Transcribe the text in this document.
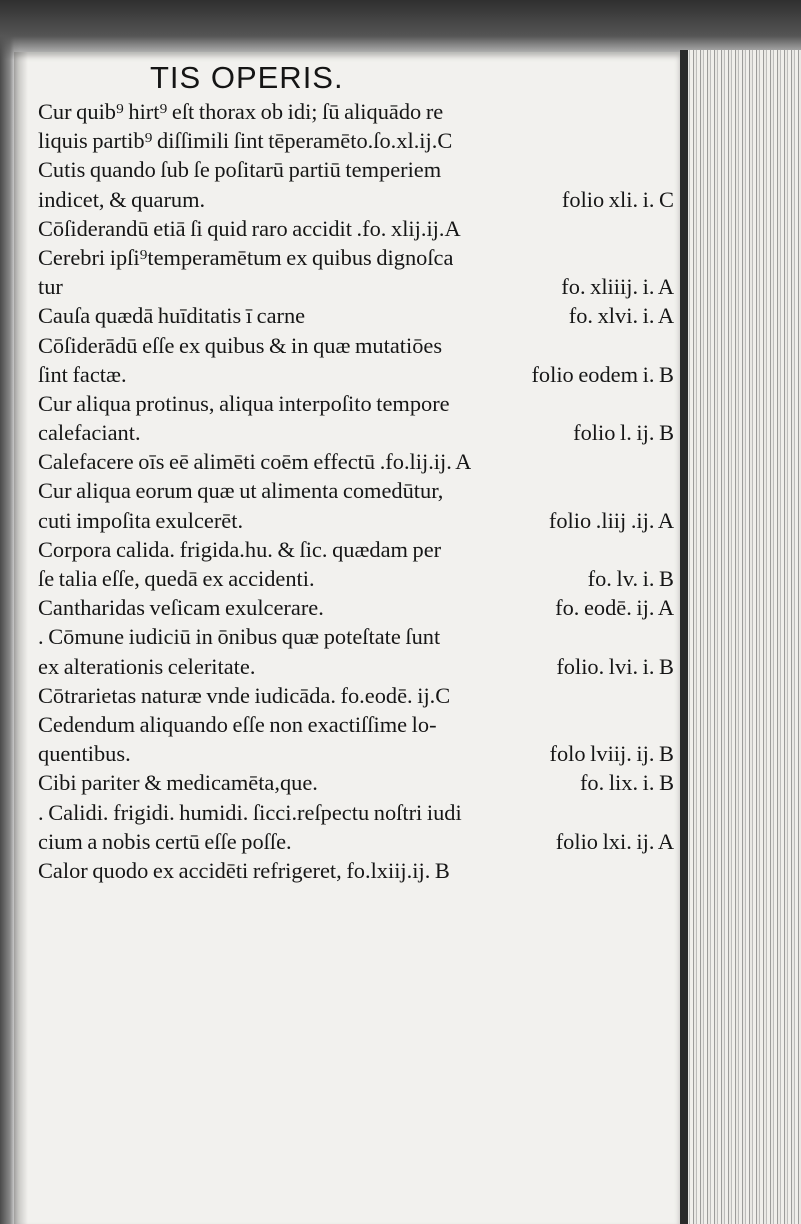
TIS OPERIS.
Cur quib⁹ hirt⁹ eſt thorax ob idi; ſū aliquādo re
liquis partib⁹ diſſimili ſint tēperamēto.ſo.xl.ij.C
Cutis quando ſub ſe poſitarū partiū temperiem
indicet, & quarum.	folio xli. i. C
Cōſiderandū etiā ſi quid raro accidit .fo. xlij.ij.A
Cerebri ipſi⁹temperamētum ex quibus dignoſca
tur	fo. xliiij. i. A
Cauſa quædā huīditatis ī carne	fo. xlvi. i. A
Cōſiderādū eſſe ex quibus & in quæ mutatiōes
ſint factæ.	folio eodem i. B
Cur aliqua protinus, aliqua interpoſito tempore
calefaciant.	folio l. ij. B
Calefacere oīs eē alimēti coēm effectū .fo.lij.ij. A
Cur aliqua eorum quæ ut alimenta comedūtur,
cuti impoſita exulcerēt.	folio .liij .ij. A
Corpora calida. frigida.hu. & ſic. quædam per
ſe talia eſſe, quedā ex accidenti.	fo. lv. i. B
Cantharidas veſicam exulcerare.	fo. eodē. ij. A
. Cōmune iudiciū in ōnibus quæ poteſtate ſunt
ex alterationis celeritate.	folio. lvi. i. B
Cōtrarietas naturæ vnde iudicāda. fo.eodē. ij.C
Cedendum aliquando eſſe non exactiſſime lo-
quentibus.	folo lviij. ij. B
Cibi pariter & medicamēta,que.	fo. lix. i. B
. Calidi. frigidi. humidi. ſicci.reſpectu noſtri iudi
cium a nobis certū eſſe poſſe.	folio lxi. ij. A
Calor quodo ex accidēti refrigeret, fo.lxiij.ij. B
